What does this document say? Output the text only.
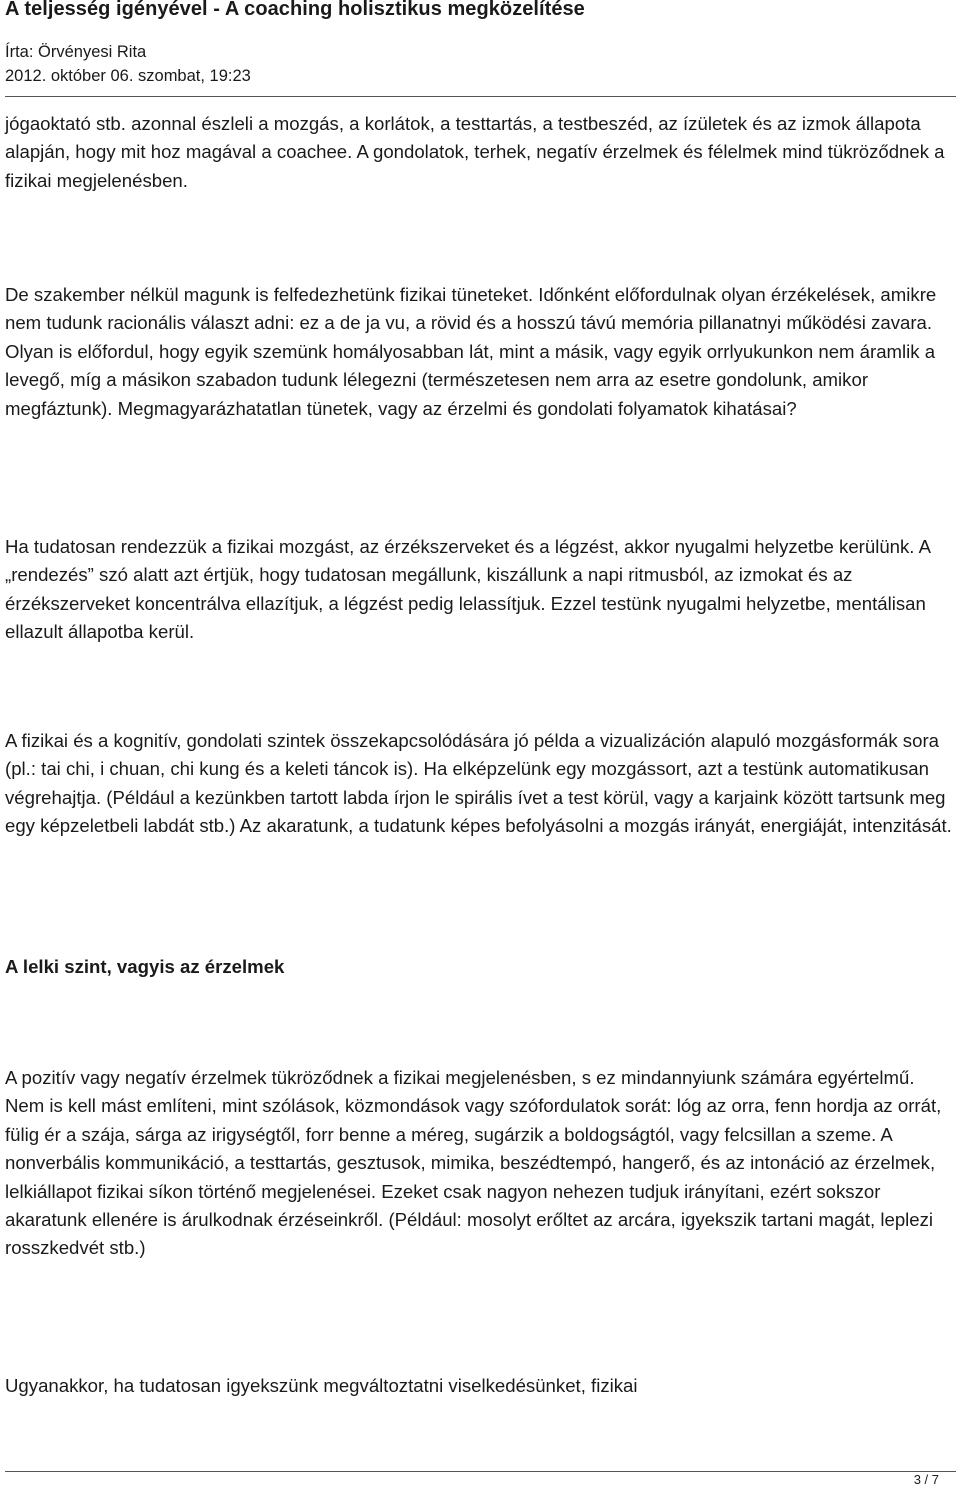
A teljesség igényével - A coaching holisztikus megközelítése
Írta: Örvényesi Rita
2012. október 06. szombat, 19:23

jógaoktató stb. azonnal észleli a mozgás, a korlátok, a testtartás, a testbeszéd, az ízületek és az izmok állapota alapján, hogy mit hoz magával a coachee. A gondolatok, terhek, negatív érzelmek és félelmek mind tükröződnek a fizikai megjelenésben.

De szakember nélkül magunk is felfedezhetünk fizikai tüneteket. Időnként előfordulnak olyan érzékelések, amikre nem tudunk racionális választ adni: ez a de ja vu, a rövid és a hosszú távú memória pillanatnyi működési zavara. Olyan is előfordul, hogy egyik szemünk homályosabban lát, mint a másik, vagy egyik orrlyukunkon nem áramlik a levegő, míg a másikon szabadon tudunk lélegezni (természetesen nem arra az esetre gondolunk, amikor megfáztunk). Megmagyarázhatatlan tünetek, vagy az érzelmi és gondolati folyamatok kihatásai?

Ha tudatosan rendezzük a fizikai mozgást, az érzékszerveket és a légzést, akkor nyugalmi helyzetbe kerülünk. A „rendezés” szó alatt azt értjük, hogy tudatosan megállunk, kiszállunk a napi ritmusból, az izmokat és az érzékszerveket koncentrálva ellazítjuk, a légzést pedig lelassítjuk. Ezzel testünk nyugalmi helyzetbe, mentálisan ellazult állapotba kerül.

A fizikai és a kognitív, gondolati szintek összekapcsolódására jó példa a vizualizáción alapuló mozgásformák sora (pl.: tai chi, i chuan, chi kung és a keleti táncok is). Ha elképzelünk egy mozgássort, azt a testünk automatikusan végrehajtja. (Például a kezünkben tartott labda írjon le spirális ívet a test körül, vagy a karjaink között tartsunk meg egy képzeletbeli labdát stb.) Az akaratunk, a tudatunk képes befolyásolni a mozgás irányát, energiáját, intenzitását.

A lelki szint, vagyis az érzelmek

A pozitív vagy negatív érzelmek tükröződnek a fizikai megjelenésben, s ez mindannyiunk számára egyértelmű. Nem is kell mást említeni, mint szólások, közmondások vagy szófordulatok sorát: lóg az orra, fenn hordja az orrát, fülig ér a szája, sárga az irigységtől, forr benne a méreg, sugárzik a boldogságtól, vagy felcsillan a szeme. A nonverbális kommunikáció, a testtartás, gesztusok, mimika, beszédtempó, hangerő, és az intonáció az érzelmek, lelkiállapot fizikai síkon történő megjelenései. Ezeket csak nagyon nehezen tudjuk irányítani, ezért sokszor akaratunk ellenére is árulkodnak érzéseinkről. (Például: mosolyt erőltet az arcára, igyekszik tartani magát, leplezi rosszkedvét stb.)

Ugyanakkor, ha tudatosan igyekszünk megváltoztatni viselkedésünket, fizikai

3 / 7
